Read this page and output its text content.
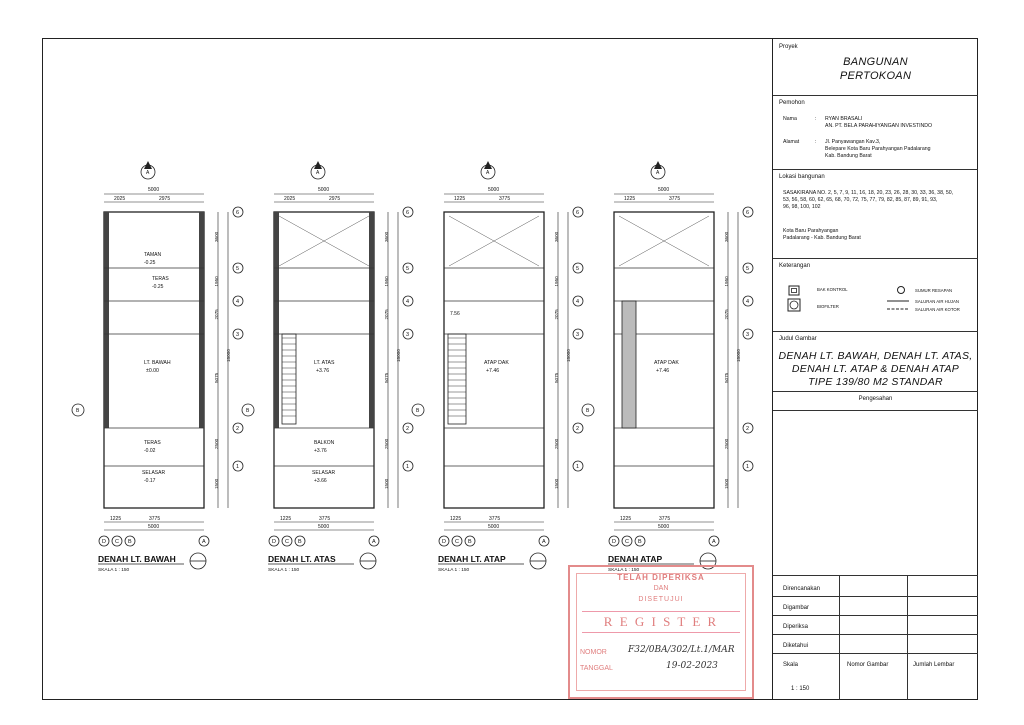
A
5000
2025	2975
TAMAN
-0.25
TERAS
-0.25
LT. BAWAH
±0.00
TERAS
-0.02
SELASAR
-0.17
3600
1950
2075
5075
2500
1500
18000
6
5
4
3
2
1
1225	3775
5000
D C B	A
B
DENAH LT. BAWAH
SKALA 1 : 150
A
5000
2025	2975
LT. ATAS
+3.76
BALKON
+3.76
SELASAR
+3.66
3600
1950
2075
5075
2500
1500
18000
6
5
4
3
2
1
1225	3775
5000
D C B	A
B
DENAH LT. ATAS
SKALA 1 : 150
A
5000
1225	3775
ATAP DAK
+7.46
7.56
3600
1950
2075
5075
2500
1500
18000
6
5
4
3
2
1
1225	3775
5000
D C B	A
B
DENAH LT. ATAP
SKALA 1 : 150
A
5000
1225	3775
ATAP DAK
+7.46
3600
1950
2075
5075
2500
1500
18000
6
5
4
3
2
1
1225	3775
5000
D C B	A
B
DENAH ATAP
SKALA 1 : 150
Proyek
BANGUNAN
PERTOKOAN
Pemohon
Nama	: RYAN BRASALI
AN. PT. BELA PARAHIYANGAN INVESTINDO
Alamat	: Jl. Panyawangan Kav.3,
Belepare Kota Baru Parahyangan Padalarang
Kab. Bandung Barat
Lokasi bangunan
SASAKIRANA NO. 2, 5, 7, 9, 11, 16, 18, 20, 23, 26, 28, 30, 33, 36, 38, 50,
53, 56, 58, 60, 62, 65, 68, 70, 72, 75, 77, 79, 82, 85, 87, 89, 91, 93,
96, 98, 100, 102
Kota Baru Parahyangan
Padalarang - Kab. Bandung Barat
Keterangan
BAK KONTROL
BIOFILTER
SUMUR RESAPAN
SALURAN AIR HUJAN
SALURAN AIR KOTOR
Judul Gambar
DENAH LT. BAWAH, DENAH LT. ATAS,
DENAH LT. ATAP & DENAH ATAP
TIPE 139/80 M2 STANDAR
Pengesahan
Direncanakan
Digambar
Diperiksa
Diketahui
Skala	Nomor Gambar	Jumlah Lembar
1 : 150
TELAH DIPERIKSA
DAN
DISETUJUI
R E G I S T E R
NOMOR F32/0BA/302/Lt.1/MAR
TANGGAL	19-02-2023
